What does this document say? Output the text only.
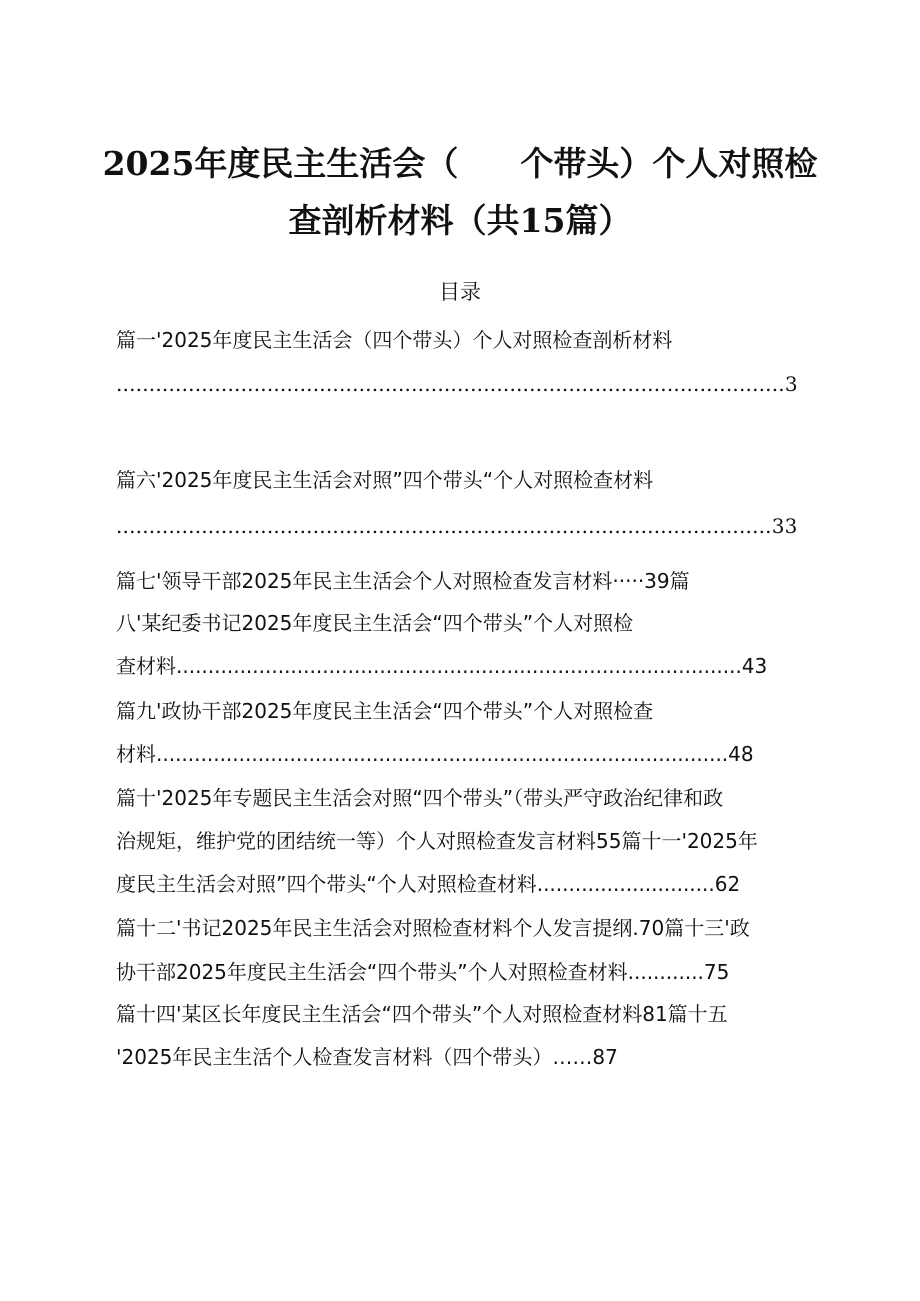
2025年度民主生活会（ 个带头）个人对照检
查剖析材料（共15篇）
目录
篇一'2025年度民主生活会（四个带头）个人对照检查剖析材料
......................................................................................................3
篇六'2025年度民主生活会对照”四个带头“个人对照检查材料
....................................................................................................33
篇七'领导干部2025年民主生活会个人对照检查发言材料·····39篇
八'某纪委书记2025年度民主生活会“四个带头”个人对照检
查材料.........................................................................................43
篇九'政协干部2025年度民主生活会“四个带头”个人对照检查
材料..........................................................................................48
篇十'2025年专题民主生活会对照“四个带头”（带头严守政治纪律和政
治规矩，维护党的团结统一等）个人对照检查发言材料55篇十一'2025年
度民主生活会对照”四个带头“个人对照检查材料............................62
篇十二'书记2025年民主生活会对照检查材料个人发言提纲.70篇十三'政
协干部2025年度民主生活会“四个带头”个人对照检查材料............75
篇十四'某区长年度民主生活会“四个带头”个人对照检查材料81篇十五
'2025年民主生活个人检查发言材料（四个带头）……87
